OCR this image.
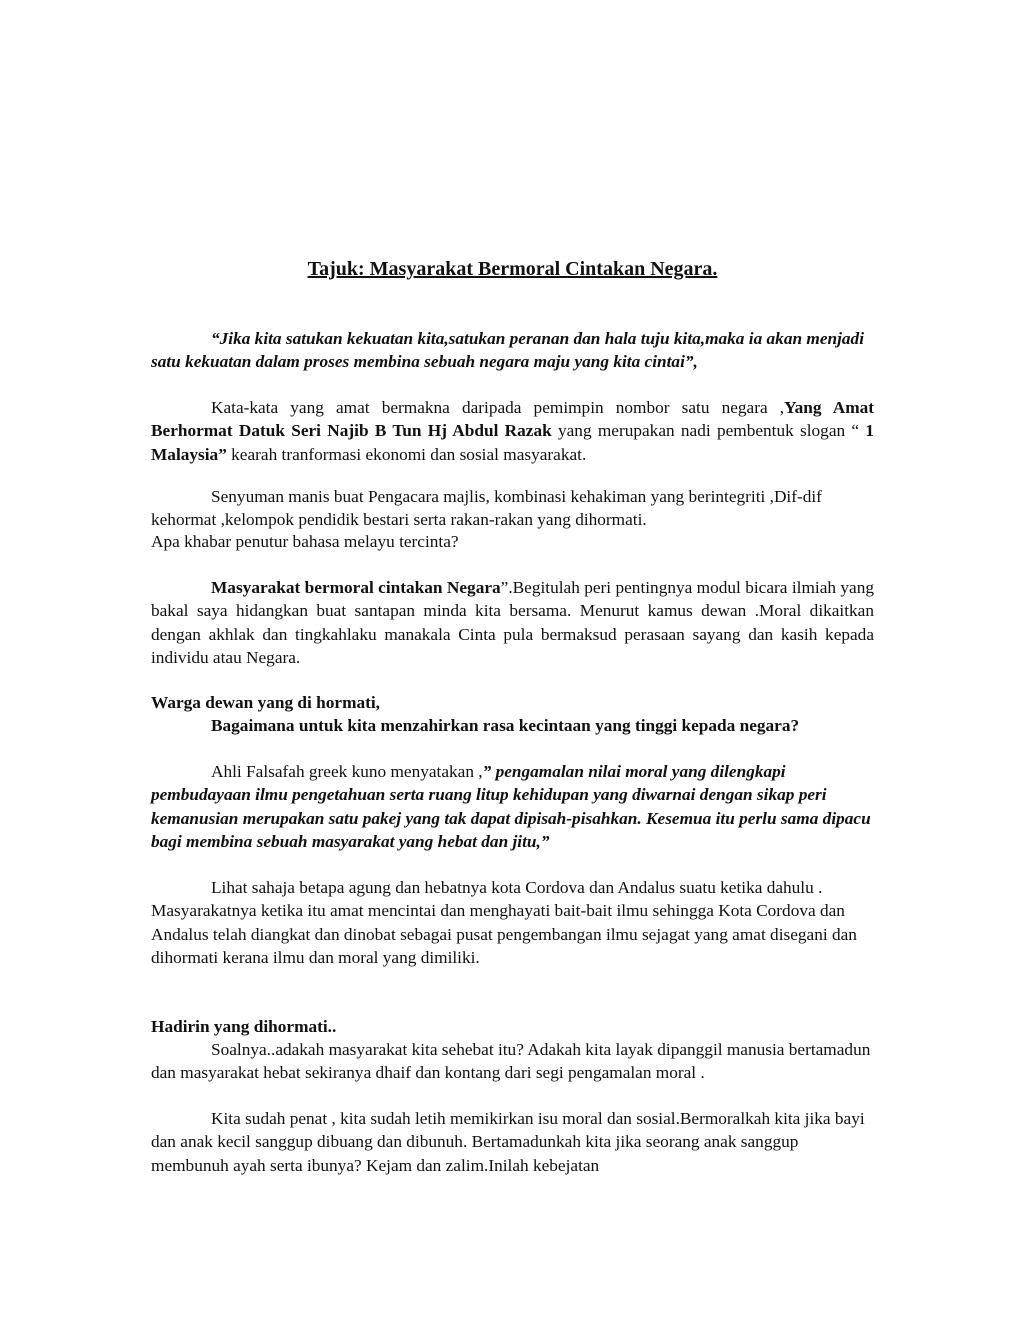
Tajuk: Masyarakat Bermoral Cintakan Negara.

“Jika kita satukan kekuatan kita,satukan peranan dan hala tuju kita,maka ia akan menjadi satu kekuatan dalam proses membina sebuah negara maju yang kita cintai”,

Kata-kata yang amat bermakna daripada pemimpin nombor satu negara ,Yang Amat Berhormat Datuk Seri Najib B Tun Hj Abdul Razak yang merupakan nadi pembentuk slogan “ 1 Malaysia” kearah tranformasi ekonomi dan sosial masyarakat.

Senyuman manis buat Pengacara majlis, kombinasi kehakiman yang berintegriti ,Dif-dif kehormat ,kelompok pendidik bestari serta rakan-rakan yang dihormati.

Apa khabar penutur bahasa melayu tercinta?

Masyarakat bermoral cintakan Negara”.Begitulah peri pentingnya modul bicara ilmiah yang bakal saya hidangkan buat santapan minda kita bersama. Menurut kamus dewan .Moral dikaitkan dengan akhlak dan tingkahlaku manakala Cinta pula bermaksud perasaan sayang dan kasih kepada individu atau Negara.

Warga dewan yang di hormati,

Bagaimana untuk kita menzahirkan rasa kecintaan yang tinggi kepada negara?

Ahli Falsafah greek kuno menyatakan ,” pengamalan nilai moral yang dilengkapi pembudayaan ilmu pengetahuan serta ruang litup kehidupan yang diwarnai dengan sikap peri kemanusian merupakan satu pakej yang tak dapat dipisah-pisahkan. Kesemua itu perlu sama dipacu bagi membina sebuah masyarakat yang hebat dan jitu,”

Lihat sahaja betapa agung dan hebatnya kota Cordova dan Andalus suatu ketika dahulu . Masyarakatnya ketika itu amat mencintai dan menghayati bait-bait ilmu sehingga Kota Cordova dan Andalus telah diangkat dan dinobat sebagai pusat pengembangan ilmu sejagat yang amat disegani dan dihormati kerana ilmu dan moral yang dimiliki.

Hadirin yang dihormati..

Soalnya..adakah masyarakat kita sehebat itu? Adakah kita layak dipanggil manusia bertamadun dan masyarakat hebat sekiranya dhaif dan kontang dari segi pengamalan moral .

Kita sudah penat , kita sudah letih memikirkan isu moral dan sosial.Bermoralkah kita jika bayi dan anak kecil sanggup dibuang dan dibunuh. Bertamadunkah kita jika seorang anak sanggup membunuh ayah serta ibunya? Kejam dan zalim.Inilah kebejatan
